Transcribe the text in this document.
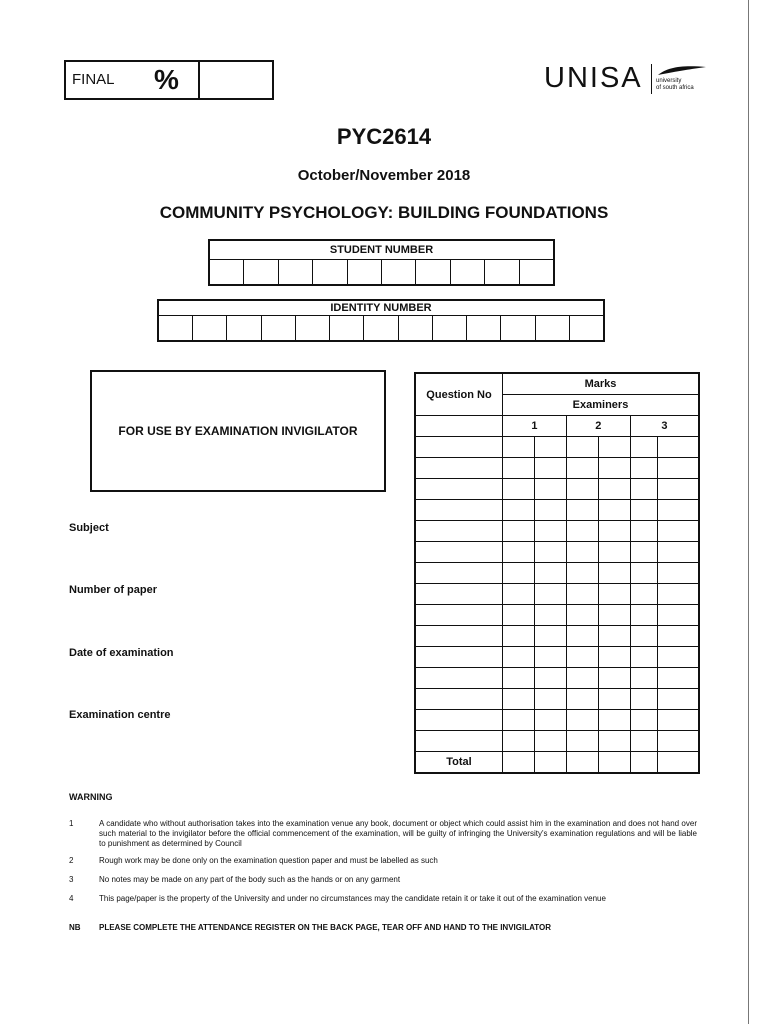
FINAL %	UNISA university
of south africa
PYC2614
October/November 2018
COMMUNITY PSYCHOLOGY: BUILDING FOUNDATIONS
STUDENT NUMBER
IDENTITY NUMBER
FOR USE BY EXAMINATION INVIGILATOR
Subject
Number of paper
Date of examination
Examination centre
Question No	Marks					
	Examiners					
	1		2		3	

Total						
WARNING
1	A candidate who without authorisation takes into the examination venue any book, document or object which could assist him in the examination and does not hand over such material to the invigilator before the official commencement of the examination, will be guilty of infringing the University's examination regulations and will be liable to punishment as determined by Council
2	Rough work may be done only on the examination question paper and must be labelled as such
3	No notes may be made on any part of the body such as the hands or on any garment
4	This page/paper is the property of the University and under no circumstances may the candidate retain it or take it out of the examination venue
NB PLEASE COMPLETE THE ATTENDANCE REGISTER ON THE BACK PAGE, TEAR OFF AND HAND TO THE INVIGILATOR
